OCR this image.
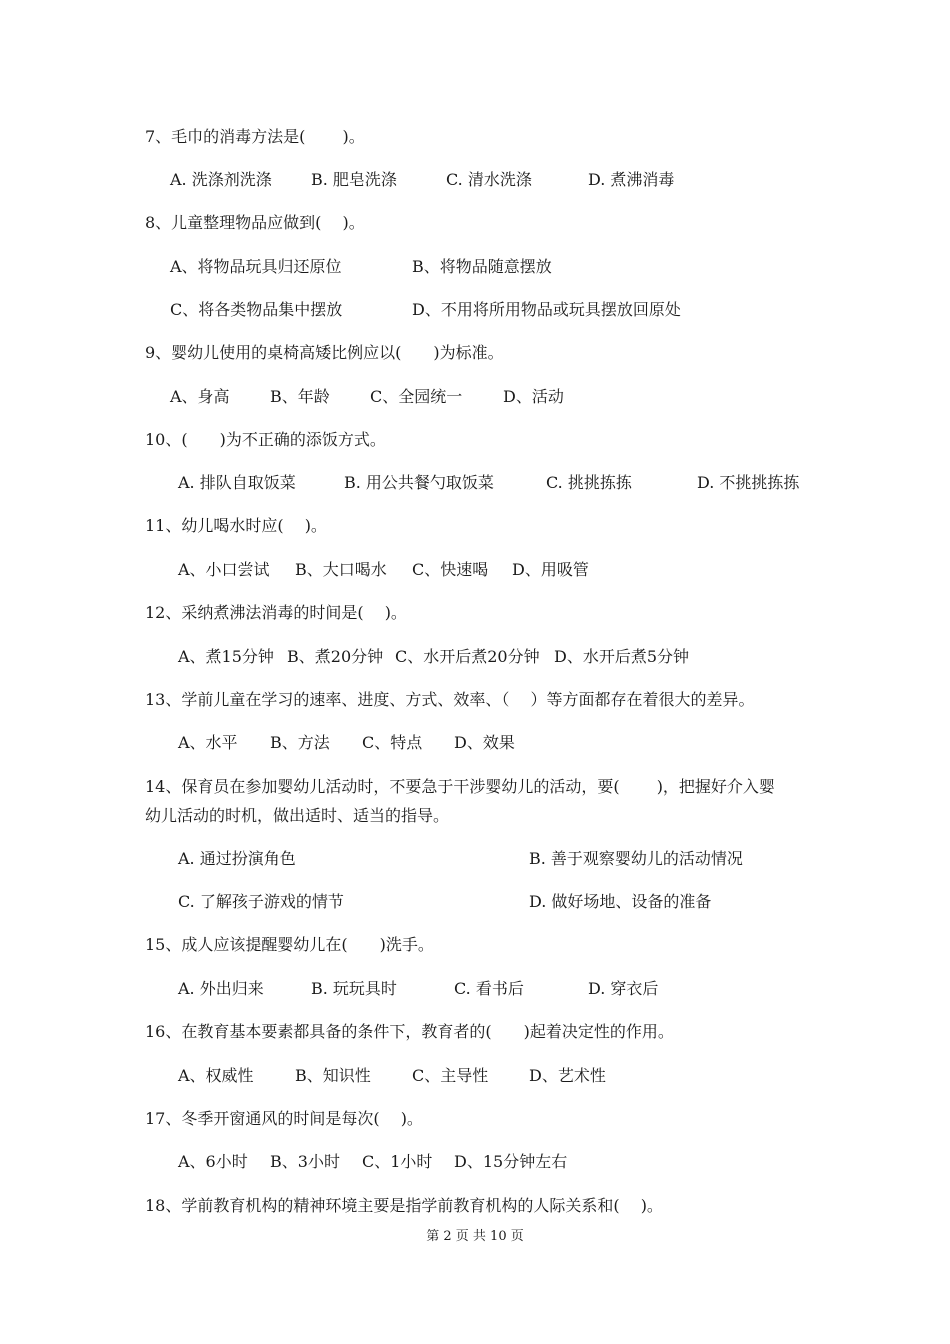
7、毛巾的消毒方法是(　　 )。
A. 洗涤剂洗涤 B. 肥皂洗涤	C. 清水洗涤	D. 煮沸消毒
8、儿童整理物品应做到(　 )。
A、将物品玩具归还原位	B、将物品随意摆放
C、将各类物品集中摆放	D、不用将所用物品或玩具摆放回原处
9、婴幼儿使用的桌椅高矮比例应以(　　)为标准。
A、身高	B、年龄	C、全园统一	D、活动
10、(　　)为不正确的添饭方式。
A. 排队自取饭菜	B. 用公共餐勺取饭菜	C. 挑挑拣拣	D. 不挑挑拣拣
11、幼儿喝水时应(　 )。
A、小口尝试 B、大口喝水 C、快速喝 D、用吸管
12、采纳煮沸法消毒的时间是(　 )。
A、煮15分钟 B、煮20分钟 C、水开后煮20分钟 D、水开后煮5分钟
13、学前儿童在学习的速率、进度、方式、效率、（　 ）等方面都存在着很大的差异。
A、水平 B、方法 C、特点 D、效果
14、保育员在参加婴幼儿活动时，不要急于干涉婴幼儿的活动，要(　　 )，把握好介入婴
幼儿活动的时机，做出适时、适当的指导。
A. 通过扮演角色	B. 善于观察婴幼儿的活动情况
C. 了解孩子游戏的情节	D. 做好场地、设备的准备
15、成人应该提醒婴幼儿在(　　)洗手。
A. 外出归来	B. 玩玩具时	C. 看书后	D. 穿衣后
16、在教育基本要素都具备的条件下，教育者的(　　)起着决定性的作用。
A、权威性	B、知识性	C、主导性	D、艺术性
17、冬季开窗通风的时间是每次(　 )。
A、6小时 B、3小时 C、1小时 D、15分钟左右
18、学前教育机构的精神环境主要是指学前教育机构的人际关系和(　 )。
第 2 页 共 10 页
